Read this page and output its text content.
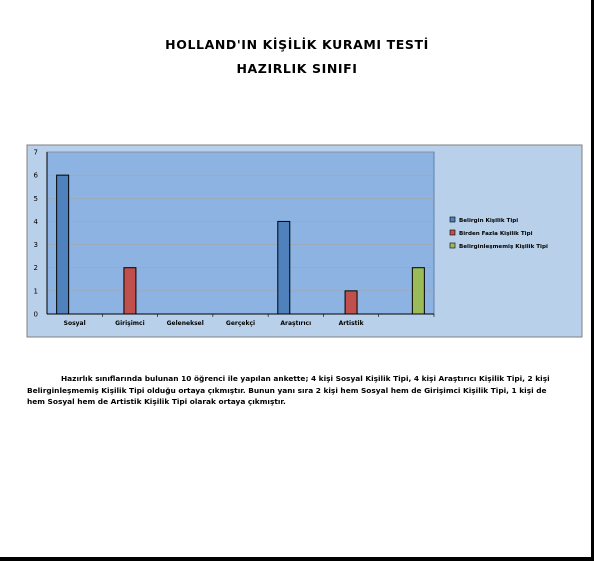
HOLLAND'IN KİŞİLİK KURAMI TESTİ
HAZIRLIK SINIFI
0
1
2
3
4
5
6
7
Sosyal	Girişimci	Geleneksel	Gerçekçi	Araştırıcı	Artistik
Belirgin Kişilik Tipi
Birden Fazla Kişilik Tipi
Belirginleşmemiş Kişilik Tipi
Hazırlık sınıflarında bulunan 10 öğrenci ile yapılan ankette; 4 kişi Sosyal Kişilik Tipi, 4 kişi Araştırıcı Kişilik Tipi, 2 kişi Belirginleşmemiş Kişilik Tipi olduğu ortaya çıkmıştır. Bunun yanı sıra 2 kişi hem Sosyal hem de Girişimci Kişilik Tipi, 1 kişi de hem Sosyal hem de Artistik Kişilik Tipi olarak ortaya çıkmıştır.
